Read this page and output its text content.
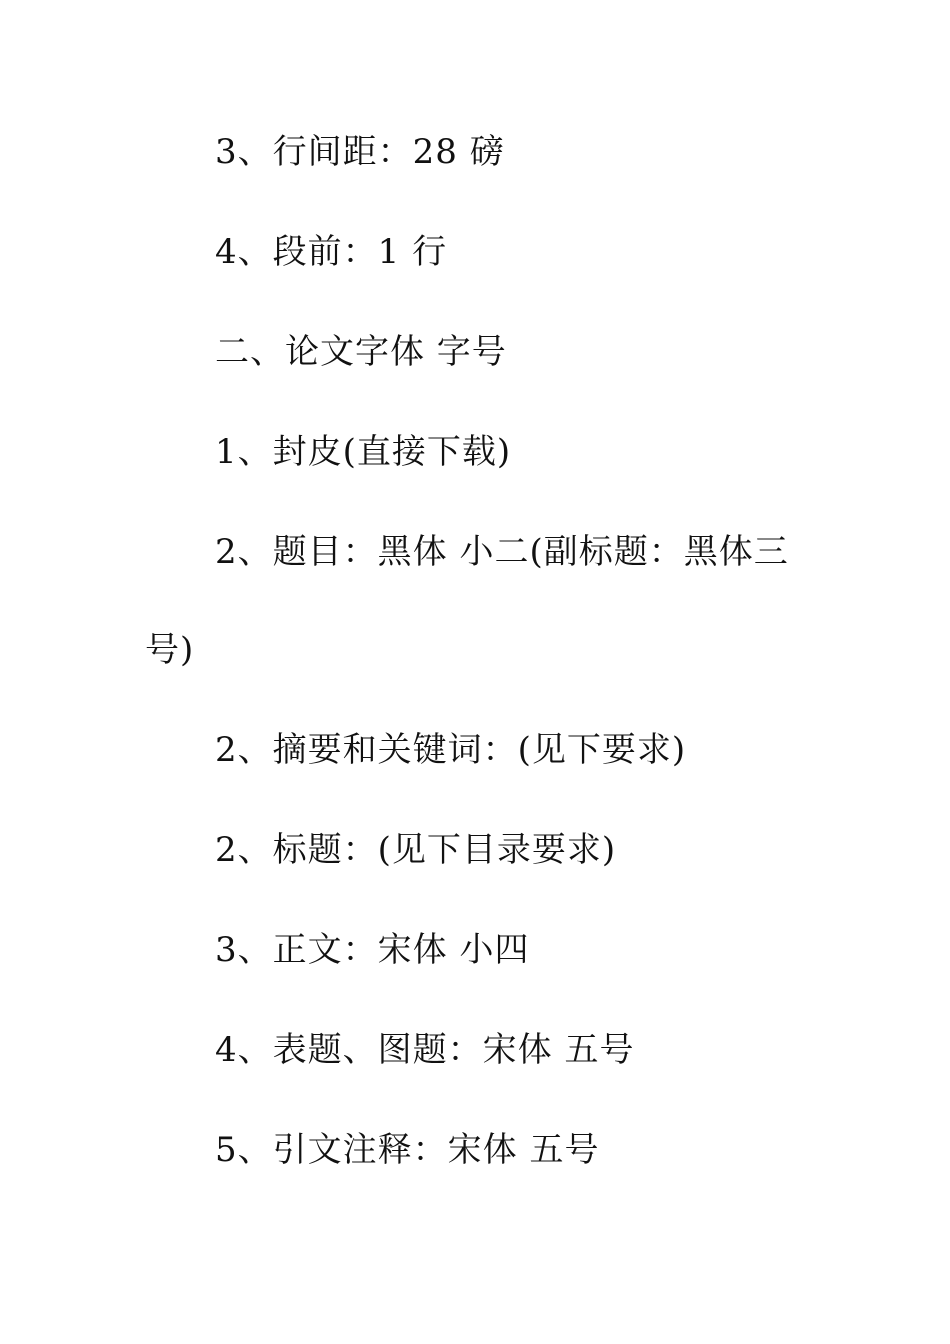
3、行间距：28 磅
4、段前：1 行
二、论文字体 字号
1、封皮(直接下载)
2、题目：黑体 小二(副标题：黑体三
号)
2、摘要和关键词：(见下要求)
2、标题：(见下目录要求)
3、正文：宋体 小四
4、表题、图题：宋体 五号
5、引文注释：宋体 五号
